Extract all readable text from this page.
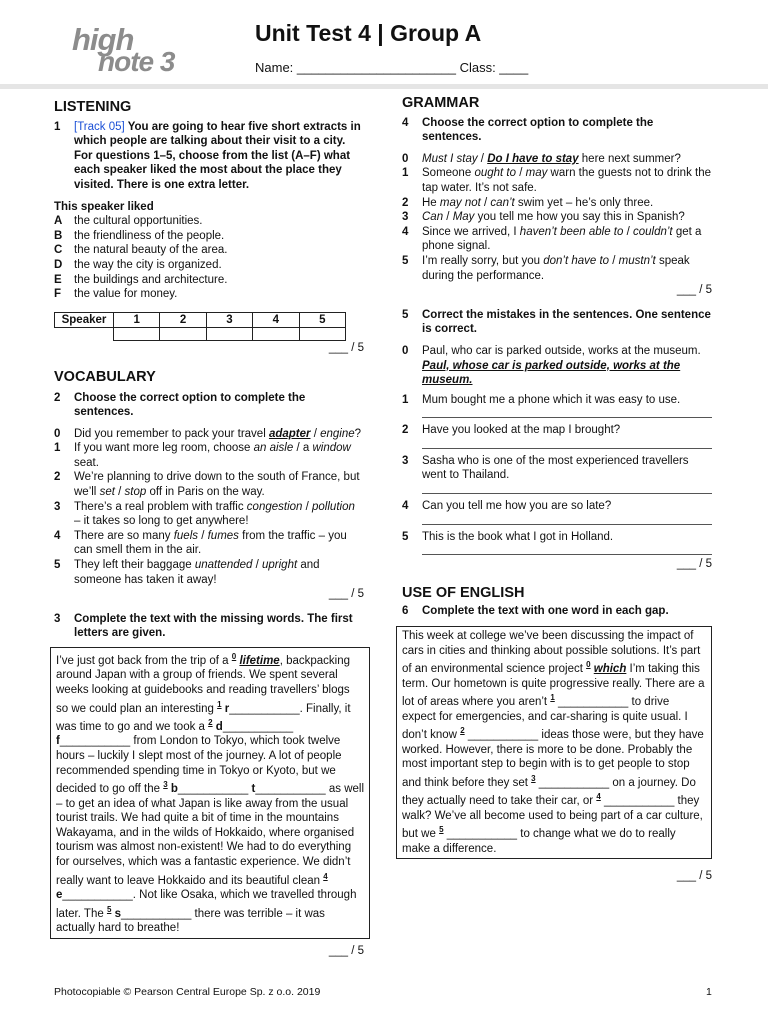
high
note 3
Unit Test 4 | Group A
Name: ______________________ Class: ____
LISTENING
1	[Track 05] You are going to hear five short extracts in which people are talking about their visit to a city. For questions 1–5, choose from the list (A–F) what each speaker liked the most about the place they visited. There is one extra letter.
This speaker liked
A	the cultural opportunities.
B	the friendliness of the people.
C	the natural beauty of the area.
D	the way the city is organized.
E	the buildings and architecture.
F	the value for money.
Speaker	1	2	3	4	5

___ / 5
VOCABULARY
2	Choose the correct option to complete the sentences.
0	Did you remember to pack your travel adapter / engine?
1	If you want more leg room, choose an aisle / a window seat.
2	We’re planning to drive down to the south of France, but we’ll set / stop off in Paris on the way.
3	There’s a real problem with traffic congestion / pollution – it takes so long to get anywhere!
4	There are so many fuels / fumes from the traffic – you can smell them in the air.
5	They left their baggage unattended / upright and someone has taken it away!
___ / 5
3	Complete the text with the missing words. The first letters are given.
I’ve just got back from the trip of a $^0$ lifetime, backpacking around Japan with a group of friends. We spent several weeks looking at guidebooks and reading travellers’ blogs so we could plan an interesting $^1$ r___________. Finally, it was time to go and we took a $^2$ d___________ f___________ from London to Tokyo, which took twelve hours – luckily I slept most of the journey. A lot of people recommended spending time in Tokyo or Kyoto, but we decided to go off the $^3$ b___________ t___________ as well – to get an idea of what Japan is like away from the usual tourist trails. We had quite a bit of time in the mountains Wakayama, and in the wilds of Hokkaido, where organised tourism was almost non-existent! We had to do everything for ourselves, which was a fantastic experience. We didn’t really want to leave Hokkaido and its beautiful clean $^4$ e___________. Not like Osaka, which we travelled through later. The $^5$ s___________ there was terrible – it was actually hard to breathe!
___ / 5
GRAMMAR
4	Choose the correct option to complete the sentences.
0	Must I stay / Do I have to stay here next summer?
1	Someone ought to / may warn the guests not to drink the tap water. It’s not safe.
2	He may not / can’t swim yet – he’s only three.
3	Can / May you tell me how you say this in Spanish?
4	Since we arrived, I haven’t been able to / couldn’t get a phone signal.
5	I’m really sorry, but you don’t have to / mustn’t speak during the performance.
___ / 5
5	Correct the mistakes in the sentences. One sentence is correct.
0	Paul, who car is parked outside, works at the museum.
Paul, whose car is parked outside, works at the museum.
1	Mum bought me a phone which it was easy to use.
2	Have you looked at the map I brought?
3	Sasha who is one of the most experienced travellers went to Thailand.
4	Can you tell me how you are so late?
5	This is the book what I got in Holland.
___ / 5
USE OF ENGLISH
6	Complete the text with one word in each gap.
This week at college we’ve been discussing the impact of cars in cities and thinking about possible solutions. It’s part of an environmental science project $^0$ which I’m taking this term. Our hometown is quite progressive really. There are a lot of areas where you aren’t $^1$ ___________ to drive expect for emergencies, and car-sharing is quite usual. I don’t know $^2$ ___________ ideas those were, but they have worked. However, there is more to be done. Probably the most important step to begin with is to get people to stop and think before they set $^3$ ___________ on a journey. Do they actually need to take their car, or $^4$ ___________ they walk? We’ve all become used to being part of a car culture, but we $^5$ ___________ to change what we do to really make a difference.
___ / 5
Photocopiable © Pearson Central Europe Sp. z o.o. 2019	1
